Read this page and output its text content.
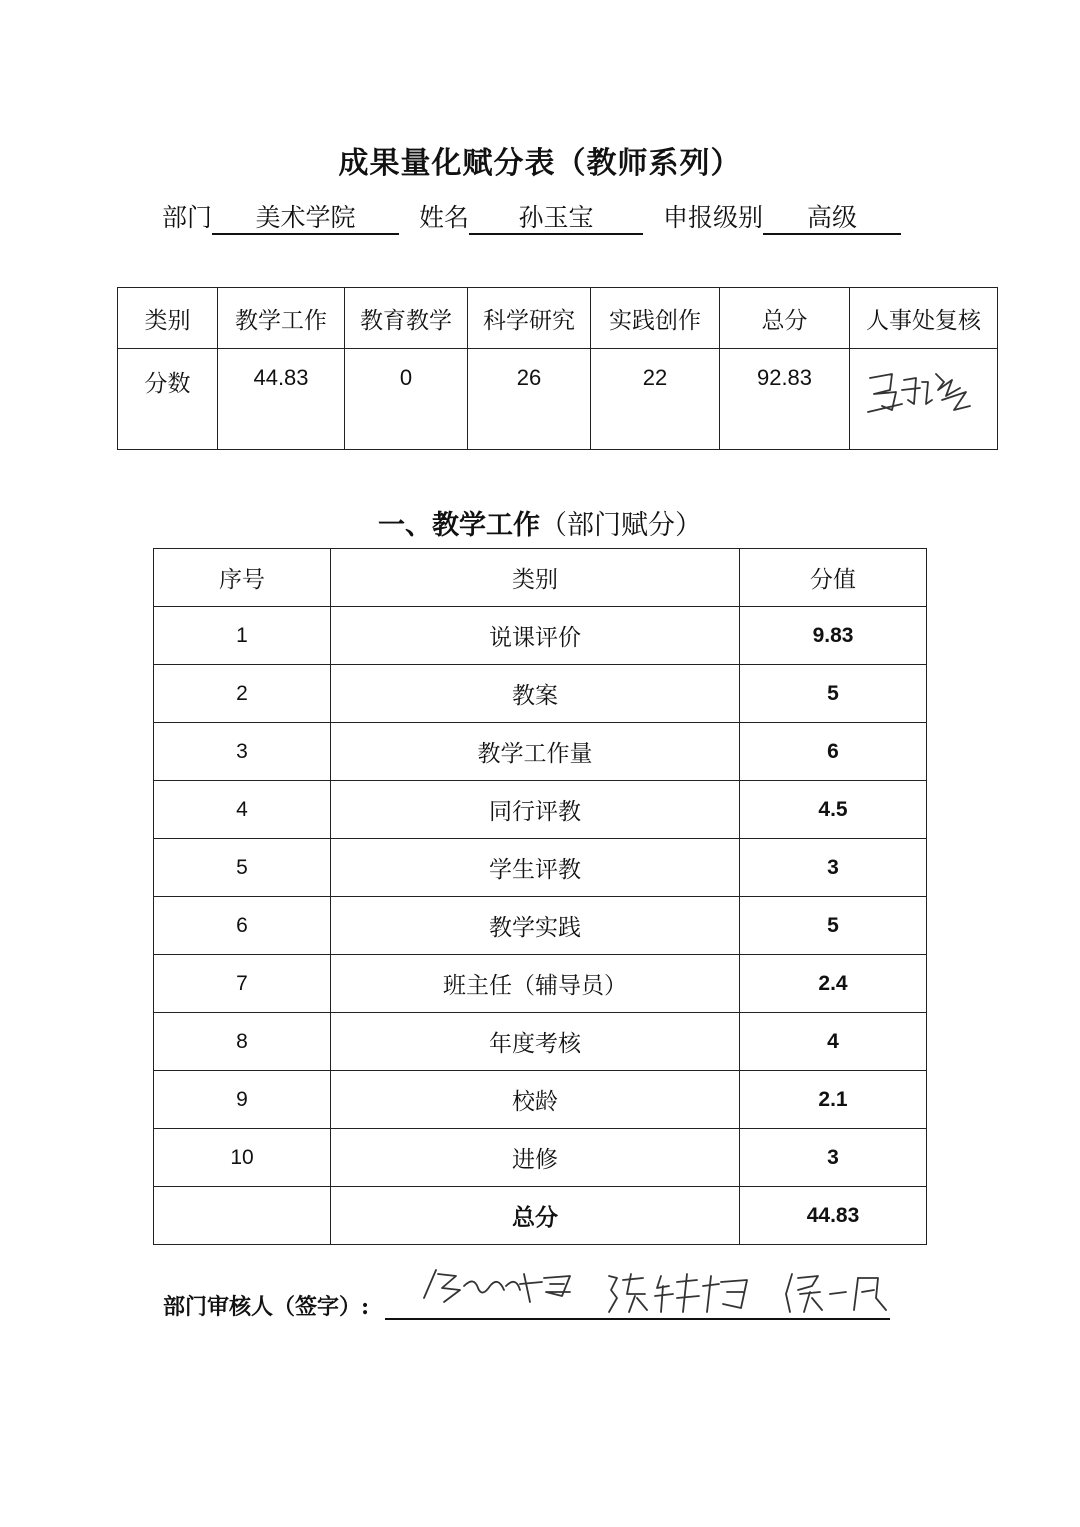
成果量化赋分表（教师系列）
部门 美术学院	姓名 孙玉宝	申报级别 高级
类别	教学工作	教育教学	科学研究	实践创作	总分	人事处复核
分数	44.83	0	26	22	92.83	
一、教学工作（部门赋分）
序号	类别	分值
1	说课评价	9.83
2	教案	5
3	教学工作量	6
4	同行评教	4.5
5	学生评教	3
6	教学实践	5
7	班主任（辅导员）	2.4
8	年度考核	4
9	校龄	2.1
10	进修	3
	总分	44.83
部门审核人（签字）:
